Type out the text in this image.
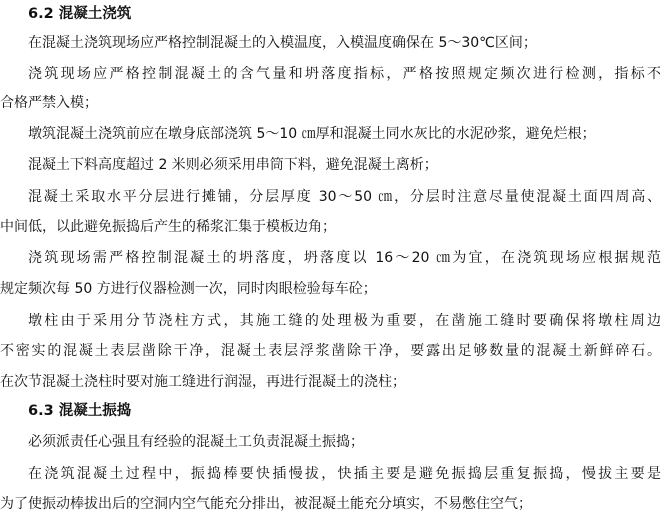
6.2 混凝土浇筑
在混凝土浇筑现场应严格控制混凝土的入模温度，入模温度确保在 5～30℃区间；
浇筑现场应严格控制混凝土的含气量和坍落度指标，严格按照规定频次进行检测，指标不
合格严禁入模；
墩筑混凝土浇筑前应在墩身底部浇筑 5～10 ㎝厚和混凝土同水灰比的水泥砂浆，避免烂根；
混凝土下料高度超过 2 米则必须采用串筒下料，避免混凝土离析；
混凝土采取水平分层进行摊铺，分层厚度 30～50 ㎝，分层时注意尽量使混凝土面四周高、
中间低，以此避免振捣后产生的稀浆汇集于模板边角；
浇筑现场需严格控制混凝土的坍落度，坍落度以 16～20 ㎝为宜，在浇筑现场应根据规范
规定频次每 50 方进行仪器检测一次，同时肉眼检验每车砼；
墩柱由于采用分节浇柱方式，其施工缝的处理极为重要，在凿施工缝时要确保将墩柱周边
不密实的混凝土表层凿除干净，混凝土表层浮浆凿除干净，要露出足够数量的混凝土新鲜碎石。
在次节混凝土浇柱时要对施工缝进行润湿，再进行混凝土的浇柱；
6.3 混凝土振捣
必须派责任心强且有经验的混凝土工负责混凝土振捣；
在浇筑混凝土过程中，振捣棒要快插慢拔，快插主要是避免振捣层重复振捣，慢拔主要是
为了使振动棒拔出后的空洞内空气能充分排出，被混凝土能充分填实，不易憋住空气；
